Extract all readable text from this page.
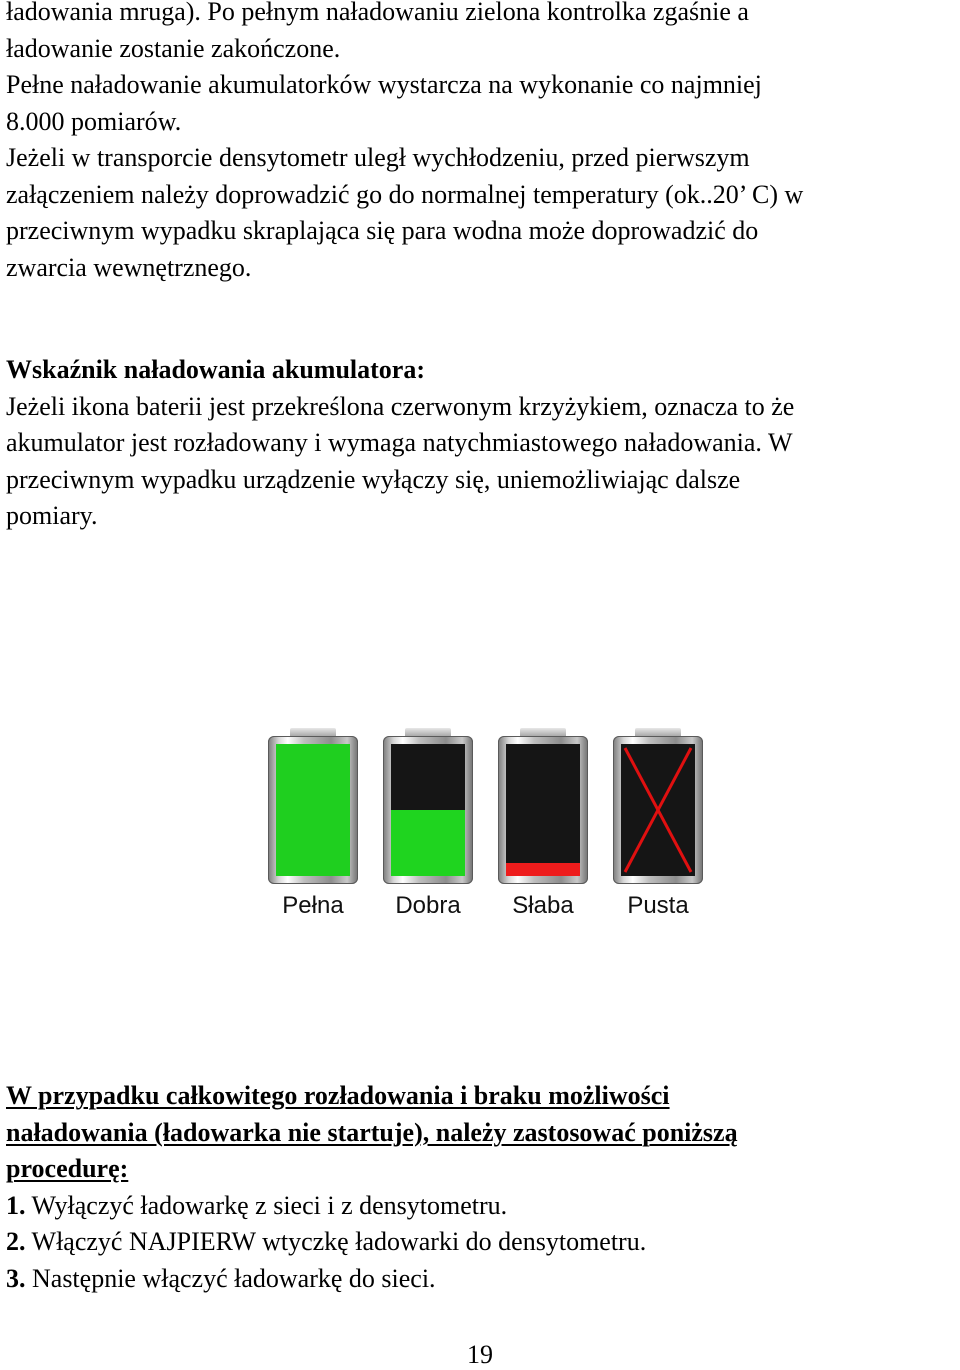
ładowania mruga). Po pełnym naładowaniu zielona kontrolka zgaśnie a
ładowanie zostanie zakończone.
Pełne naładowanie akumulatorków wystarcza na wykonanie co najmniej
8.000 pomiarów.
Jeżeli w transporcie densytometr uległ wychłodzeniu, przed pierwszym
załączeniem należy doprowadzić go do normalnej temperatury (ok..20’ C) w
przeciwnym wypadku skraplająca się para wodna może doprowadzić do
zwarcia wewnętrznego.
Wskaźnik naładowania akumulatora:
Jeżeli ikona baterii jest przekreślona czerwonym krzyżykiem, oznacza to że
akumulator jest rozładowany i wymaga natychmiastowego naładowania. W
przeciwnym wypadku urządzenie wyłączy się, uniemożliwiając dalsze
pomiary.
W przypadku całkowitego rozładowania i braku możliwości
naładowania (ładowarka nie startuje), należy zastosować poniższą
procedurę:
1. Wyłączyć ładowarkę z sieci i z densytometru.
2. Włączyć NAJPIERW wtyczkę ładowarki do densytometru.
3. Następnie włączyć ładowarkę do sieci.
Pełna	Dobra	Słaba	Pusta
19
